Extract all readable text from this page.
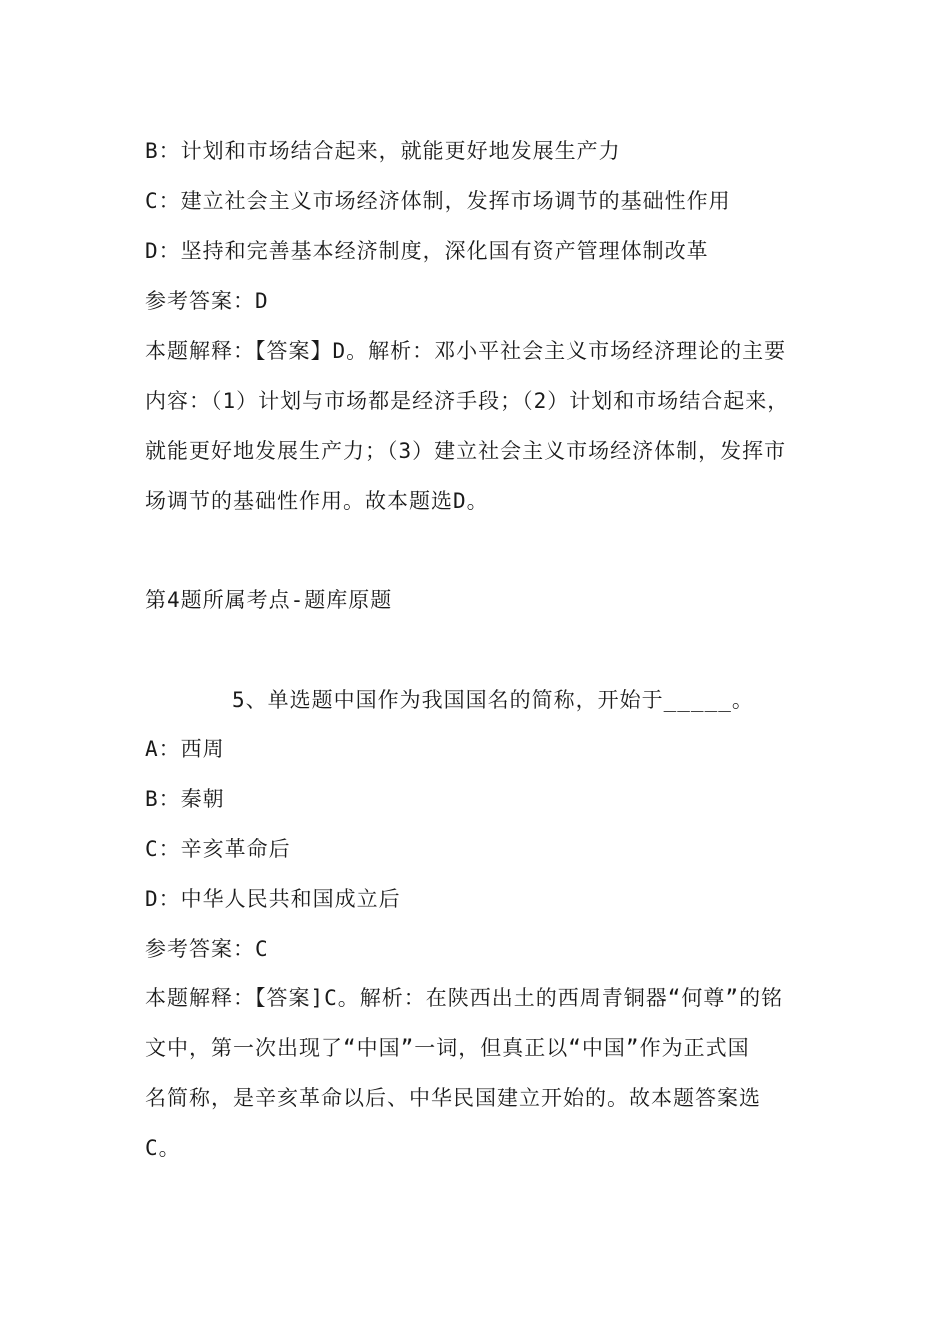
B：计划和市场结合起来，就能更好地发展生产力
C：建立社会主义市场经济体制，发挥市场调节的基础性作用
D：坚持和完善基本经济制度，深化国有资产管理体制改革
参考答案：D
本题解释：【答案】D。解析：邓小平社会主义市场经济理论的主要
内容：（1）计划与市场都是经济手段；（2）计划和市场结合起来，
就能更好地发展生产力；（3）建立社会主义市场经济体制，发挥市
场调节的基础性作用。故本题选D。
第4题所属考点-题库原题
5、单选题中国作为我国国名的简称，开始于_____。
A：西周
B：秦朝
C：辛亥革命后
D：中华人民共和国成立后
参考答案：C
本题解释：【答案]C。解析：在陕西出土的西周青铜器“何尊”的铭
文中，第一次出现了“中国”一词，但真正以“中国”作为正式国
名简称，是辛亥革命以后、中华民国建立开始的。故本题答案选
C。
